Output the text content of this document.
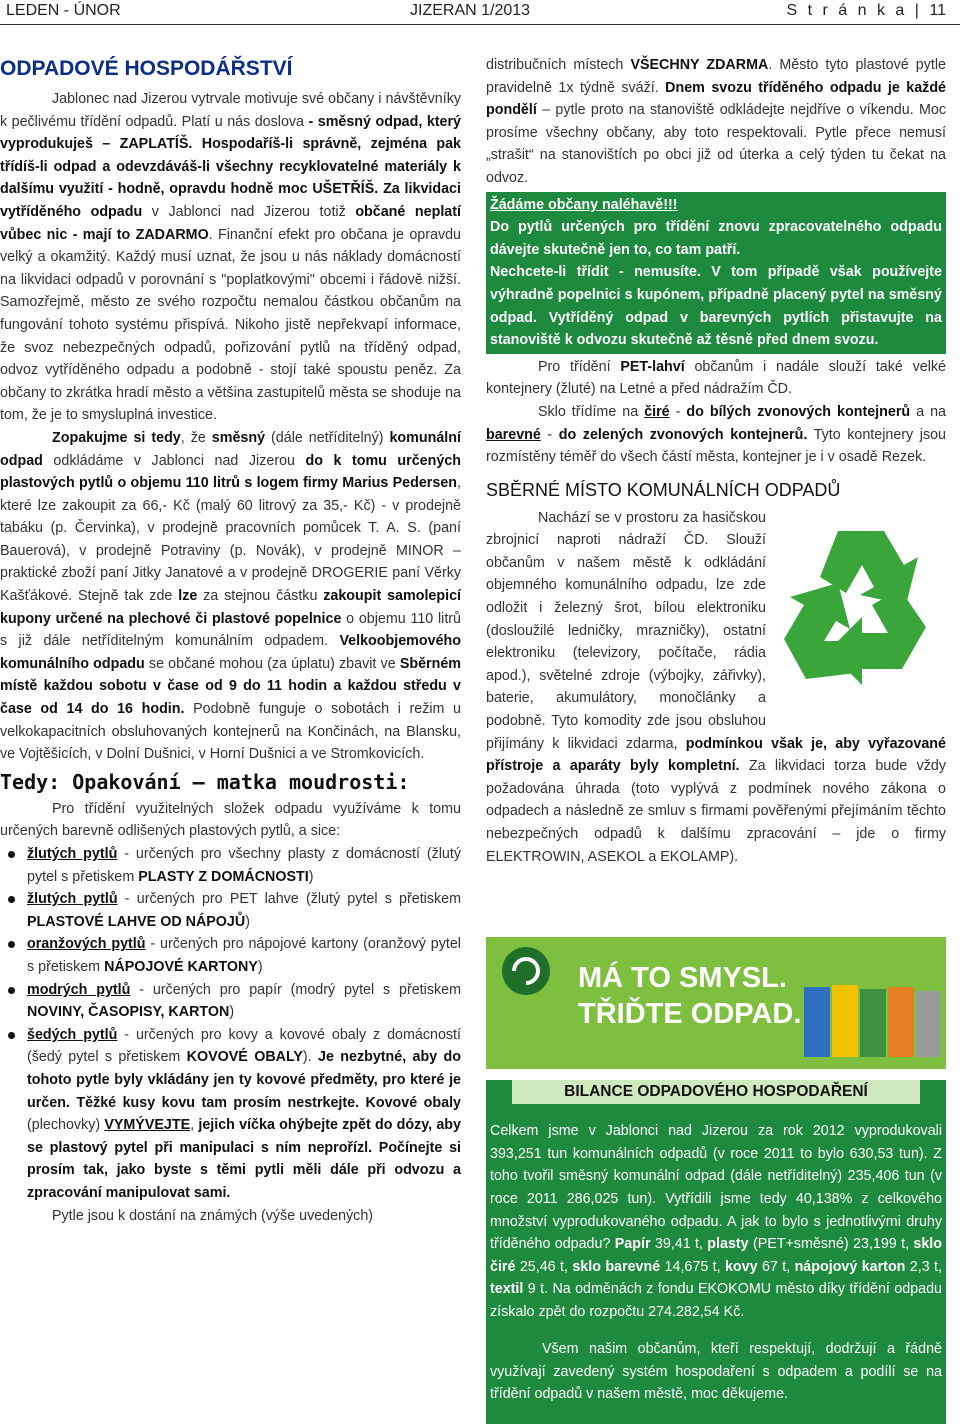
LEDEN - ÚNOR	JIZERAN 1/2013	S t r á n k a | 11
ODPADOVÉ HOSPODÁŘSTVÍ

Jablonec nad Jizerou vytrvale motivuje své občany i návštěvníky k pečlivému třídění odpadů. Platí u nás doslova - směsný odpad, který vyprodukuješ – ZAPLATÍŠ. Hospodaříš-li správně, zejména pak třídíš-li odpad a odevzdáváš-li všechny recyklovatelné materiály k dalšímu využití - hodně, opravdu hodně moc UŠETŘÍŠ. Za likvidaci vytříděného odpadu v Jablonci nad Jizerou totiž občané neplatí vůbec nic - mají to ZADARMO. Finanční efekt pro občana je opravdu velký a okamžitý. Každý musí uznat, že jsou u nás náklady domácností na likvidaci odpadů v porovnání s "poplatkovými" obcemi i řádově nižší. Samozřejmě, město ze svého rozpočtu nemalou částkou občanům na fungování tohoto systému přispívá. Nikoho jistě nepřekvapí informace, že svoz nebezpečných odpadů, pořizování pytlů na tříděný odpad, odvoz vytříděného odpadu a podobně - stojí také spoustu peněz. Za občany to zkrátka hradí město a většina zastupitelů města se shoduje na tom, že je to smysluplná investice.

Zopakujme si tedy, že směsný (dále netříditelný) komunální odpad odkládáme v Jablonci nad Jizerou do k tomu určených plastových pytlů o objemu 110 litrů s logem firmy Marius Pedersen, které lze zakoupit za 66,- Kč (malý 60 litrový za 35,- Kč) - v prodejně tabáku (p. Červinka), v prodejně pracovních pomůcek T. A. S. (paní Bauerová), v prodejně Potraviny (p. Novák), v prodejně MINOR – praktické zboží paní Jitky Janatové a v prodejně DROGERIE paní Věrky Kašťákové. Stejně tak zde lze za stejnou částku zakoupit samolepicí kupony určené na plechové či plastové popelnice o objemu 110 litrů s již dále netříditelným komunálním odpadem. Velkoobjemového komunálního odpadu se občané mohou (za úplatu) zbavit ve Sběrném místě každou sobotu v čase od 9 do 11 hodin a každou středu v čase od 14 do 16 hodin. Podobně funguje o sobotách i režim u velkokapacitních obsluhovaných kontejnerů na Končinách, na Blansku, ve Vojtěšicích, v Dolní Dušnici, v Horní Dušnici a ve Stromkovicích.

Tedy: Opakování – matka moudrosti:

Pro třídění využitelných složek odpadu využíváme k tomu určených barevně odlišených plastových pytlů, a sice:

žlutých pytlů - určených pro všechny plasty z domácností (žlutý pytel s přetiskem PLASTY Z DOMÁCNOSTI)
žlutých pytlů - určených pro PET lahve (žlutý pytel s přetiskem PLASTOVÉ LAHVE OD NÁPOJŮ)
oranžových pytlů - určených pro nápojové kartony (oranžový pytel s přetiskem NÁPOJOVÉ KARTONY)
modrých pytlů - určených pro papír (modrý pytel s přetiskem NOVINY, ČASOPISY, KARTON)
šedých pytlů - určených pro kovy a kovové obaly z domácností (šedý pytel s přetiskem KOVOVÉ OBALY). Je nezbytné, aby do tohoto pytle byly vkládány jen ty kovové předměty, pro které je určen. Těžké kusy kovu tam prosím nestrkejte. Kovové obaly (plechovky) VYMÝVEJTE, jejich víčka ohýbejte zpět do dózy, aby se plastový pytel při manipulaci s ním neprořízl. Počínejte si prosím tak, jako byste s těmi pytli měli dále při odvozu a zpracování manipulovat sami.

Pytle jsou k dostání na známých (výše uvedených)

distribučních místech VŠECHNY ZDARMA. Město tyto plastové pytle pravidelně 1x týdně sváží. Dnem svozu tříděného odpadu je každé pondělí – pytle proto na stanoviště odkládejte nejdříve o víkendu. Moc prosíme všechny občany, aby toto respektovali. Pytle přece nemusí „strašit“ na stanovištích po obci již od úterka a celý týden tu čekat na odvoz.

Žádáme občany naléhavě!!!

Do pytlů určených pro třídění znovu zpracovatelného odpadu dávejte skutečně jen to, co tam patří.

Nechcete-li třídit - nemusíte. V tom případě však používejte výhradně popelnici s kupónem, případně placený pytel na směsný odpad. Vytříděný odpad v barevných pytlích přistavujte na stanoviště k odvozu skutečně až těsně před dnem svozu.

Pro třídění PET-lahví občanům i nadále slouží také velké kontejnery (žluté) na Letné a před nádražím ČD.

Sklo třídíme na čiré - do bílých zvonových kontejnerů a na barevné - do zelených zvonových kontejnerů. Tyto kontejnery jsou rozmístěny téměř do všech částí města, kontejner je i v osadě Rezek.

SBĚRNÉ MÍSTO KOMUNÁLNÍCH ODPADŮ

Nachází se v prostoru za hasičskou zbrojnicí naproti nádraží ČD. Slouží občanům v našem městě k odkládání objemného komunálního odpadu, lze zde odložit i železný šrot, bílou elektroniku (dosloužilé ledničky, mrazničky), ostatní elektroniku (televizory, počítače, rádia apod.), světelné zdroje (výbojky, zářivky), baterie, akumulátory, monočlánky a podobně. Tyto komodity zde jsou obsluhou přijímány k likvidaci zdarma, podmínkou však je, aby vyřazované přístroje a aparáty byly kompletní. Za likvidaci torza bude vždy požadována úhrada (toto vyplývá z podmínek nového zákona o odpadech a následně ze smluv s firmami pověřenými přejímáním těchto nebezpečných odpadů k dalšímu zpracování – jde o firmy ELEKTROWIN, ASEKOL a EKOLAMP).

MÁ TO SMYSL.
TŘIĎTE ODPAD.
BILANCE ODPADOVÉHO HOSPODAŘENÍ

Celkem jsme v Jablonci nad Jizerou za rok 2012 vyprodukovali 393,251 tun komunálních odpadů (v roce 2011 to bylo 630,53 tun). Z toho tvořil směsný komunální odpad (dále netříditelný) 235,406 tun (v roce 2011 286,025 tun). Vytřídili jsme tedy 40,138% z celkového množství vyprodukovaného odpadu. A jak to bylo s jednotlivými druhy tříděného odpadu? Papír 39,41 t, plasty (PET+směsné) 23,199 t, sklo čiré 25,46 t, sklo barevné 14,675 t, kovy 67 t, nápojový karton 2,3 t, textil 9 t. Na odměnách z fondu EKOKOMU město díky třídění odpadu získalo zpět do rozpočtu 274.282,54 Kč.

Všem našim občanům, kteří respektují, dodržují a řádně využívají zavedený systém hospodaření s odpadem a podílí se na třídění odpadů v našem městě, moc děkujeme.
